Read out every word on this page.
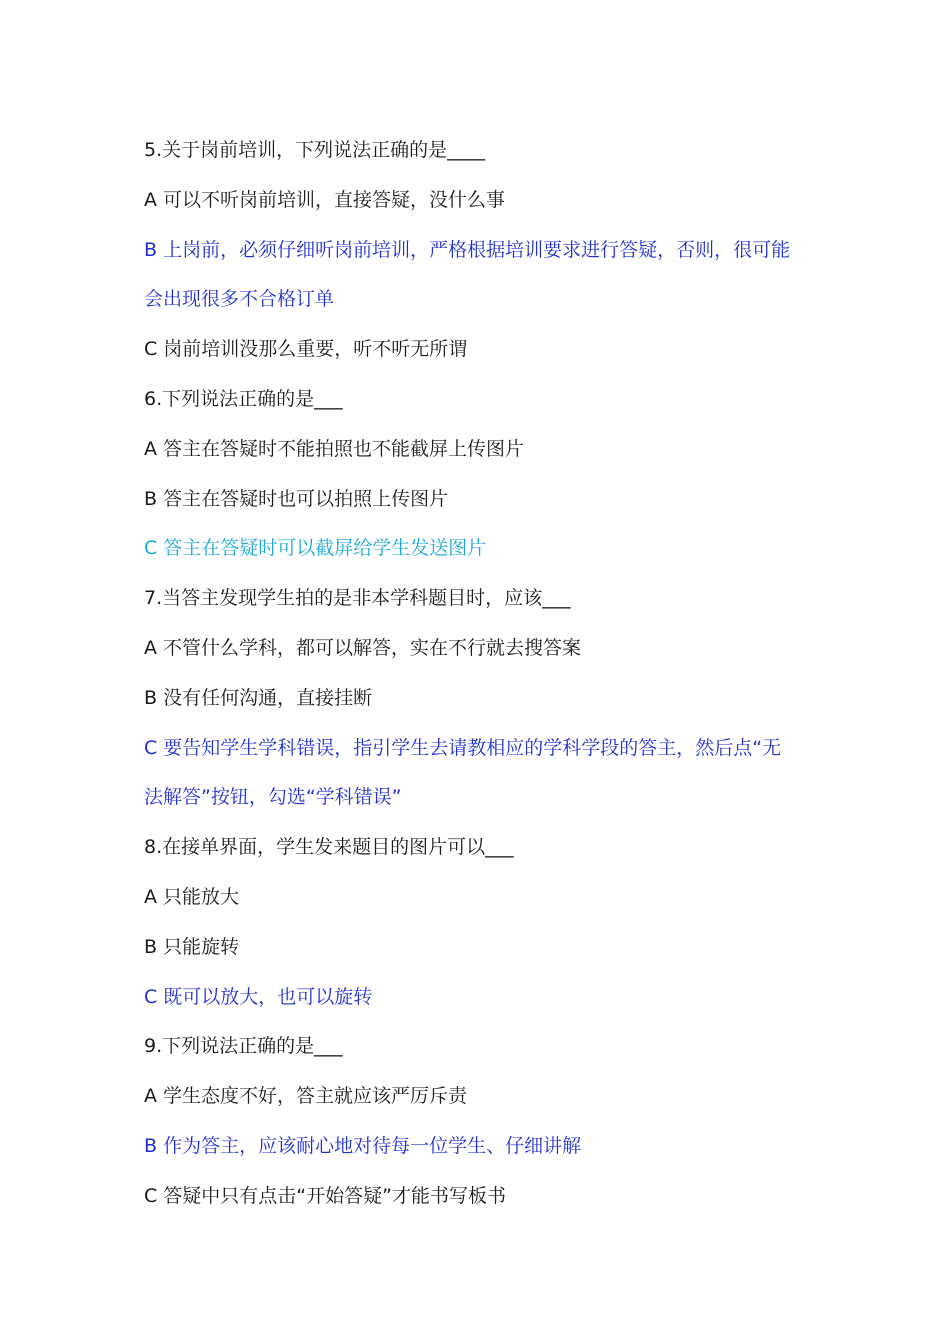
5.关于岗前培训，下列说法正确的是____
A 可以不听岗前培训，直接答疑，没什么事
B 上岗前，必须仔细听岗前培训，严格根据培训要求进行答疑，否则，很可能
会出现很多不合格订单
C 岗前培训没那么重要，听不听无所谓
6.下列说法正确的是___
A 答主在答疑时不能拍照也不能截屏上传图片
B 答主在答疑时也可以拍照上传图片
C 答主在答疑时可以截屏给学生发送图片
7.当答主发现学生拍的是非本学科题目时，应该___
A 不管什么学科，都可以解答，实在不行就去搜答案
B 没有任何沟通，直接挂断
C 要告知学生学科错误，指引学生去请教相应的学科学段的答主，然后点“无
法解答”按钮，勾选“学科错误”
8.在接单界面，学生发来题目的图片可以___
A 只能放大
B 只能旋转
C 既可以放大，也可以旋转
9.下列说法正确的是___
A 学生态度不好，答主就应该严厉斥责
B 作为答主，应该耐心地对待每一位学生、仔细讲解
C 答疑中只有点击“开始答疑”才能书写板书
